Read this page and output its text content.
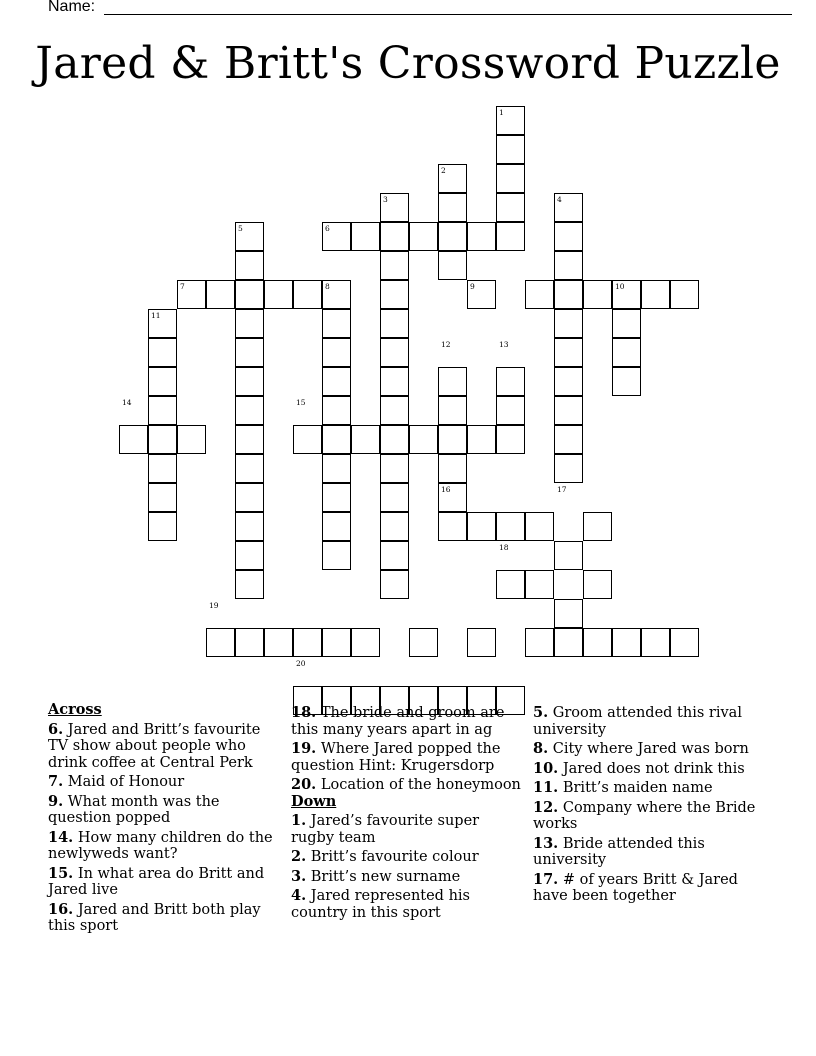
Name:
Jared & Britt's Crossword Puzzle
1
2
3	4
5	6
7	8	9	10
11
12	13
14	15
16	17
18
19
20
Across
6. Jared and Britt’s favourite TV show about people who drink coffee at Central Perk
7. Maid of Honour
9. What month was the question popped
14. How many children do the newlyweds want?
15. In what area do Britt and Jared live
16. Jared and Britt both play this sport
18. The bride and groom are this many years apart in ag
19. Where Jared popped the question Hint: Krugersdorp
20. Location of the honeymoon
Down
1. Jared’s favourite super rugby team
2. Britt’s favourite colour
3. Britt’s new surname
4. Jared represented his country in this sport
5. Groom attended this rival university
8. City where Jared was born
10. Jared does not drink this
11. Britt’s maiden name
12. Company where the Bride works
13. Bride attended this university
17. # of years Britt & Jared have been together
